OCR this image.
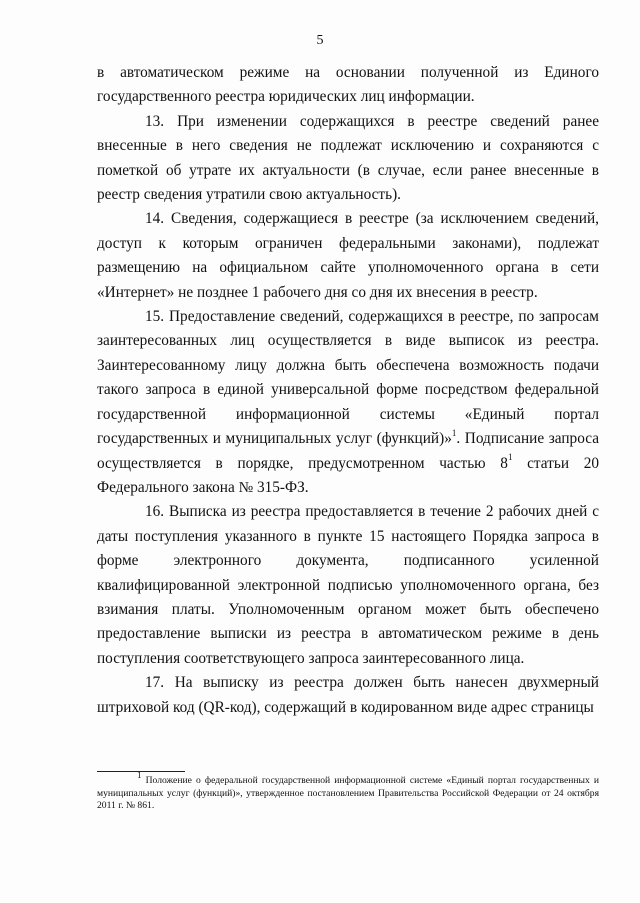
5

в автоматическом режиме на основании полученной из Единого государственного реестра юридических лиц информации.

13. При изменении содержащихся в реестре сведений ранее внесенные в него сведения не подлежат исключению и сохраняются с пометкой об утрате их актуальности (в случае, если ранее внесенные в реестр сведения утратили свою актуальность).

14. Сведения, содержащиеся в реестре (за исключением сведений, доступ к которым ограничен федеральными законами), подлежат размещению на официальном сайте уполномоченного органа в сети «Интернет» не позднее 1 рабочего дня со дня их внесения в реестр.

15. Предоставление сведений, содержащихся в реестре, по запросам заинтересованных лиц осуществляется в виде выписок из реестра. Заинтересованному лицу должна быть обеспечена возможность подачи такого запроса в единой универсальной форме посредством федеральной государственной информационной системы «Единый портал государственных и муниципальных услуг (функций)»$^1$. Подписание запроса осуществляется в порядке, предусмотренном частью $8^1$ статьи 20 Федерального закона № 315-ФЗ.

16. Выписка из реестра предоставляется в течение 2 рабочих дней с даты поступления указанного в пункте 15 настоящего Порядка запроса в форме электронного документа, подписанного усиленной квалифицированной электронной подписью уполномоченного органа, без взимания платы. Уполномоченным органом может быть обеспечено предоставление выписки из реестра в автоматическом режиме в день поступления соответствующего запроса заинтересованного лица.

17. На выписку из реестра должен быть нанесен двухмерный штриховой код (QR-код), содержащий в кодированном виде адрес страницы

$^1$ Положение о федеральной государственной информационной системе «Единый портал государственных и муниципальных услуг (функций)», утвержденное постановлением Правительства Российской Федерации от 24 октября 2011 г. № 861.
